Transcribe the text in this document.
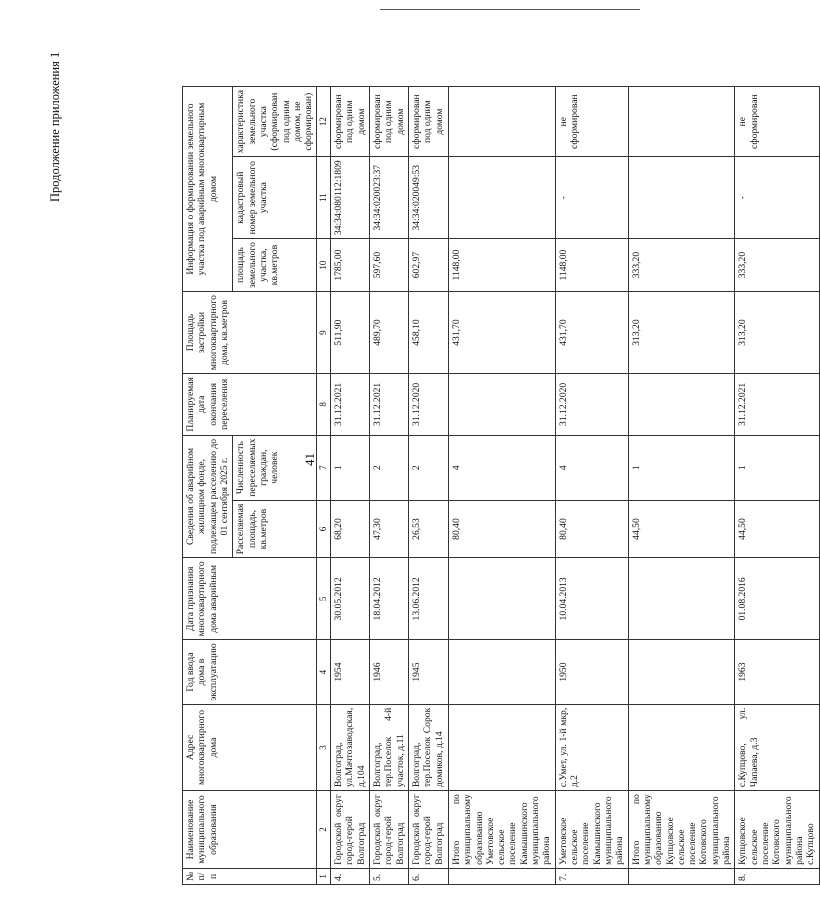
41
Продолжение приложения 1
№ п/п	Наименование муниципального образования	Адрес многоквартирного дома	Год ввода дома в эксплуатацию	Дата признания многоквартирного дома аварийным	Сведения об аварийном жилищном фонде, подлежащем расселению до 01 сентября 2025 г.		Планируемая дата окончания переселения	Площадь застройки многоквартирного дома, кв.метров	Информация о формировании земельного участка под аварийным многоквартирным домом		
					Расселяемая площадь, кв.метров	Численность переселяемых граждан, человек			площадь земельного участка, кв.метров	кадастровый номер земельного участка	характеристика земельного участка (сформирован под одним домом, не сформирован)
1	2	3	4	5	6	7	8	9	10	11	12
4.	Городской округ город-герой Волгоград	Волгоград, ул.Мачтозаводская, д.104	1954	30.05.2012	68,20	1	31.12.2021	511,90	1785,00	34:34:080112:1809	сформирован под одним домом
5.	Городской округ город-герой Волгоград	Волгоград, тер.Поселок 4-й участок, д.11	1946	18.04.2012	47,30	2	31.12.2021	489,70	597,60	34:34:020023:37	сформирован под одним домом
6.	Городской округ город-герой Волгоград	Волгоград, тер.Поселок Сорок домиков, д.14	1945	13.06.2012	26,53	2	31.12.2020	458,10	602,97	34:34:020049:53	сформирован под одним домом
	Итого по муниципальному образованию Уметовское сельское поселение Камышинского муниципального района				80,40	4		431,70	1148,00		
7.	Уметовское сельское поселение Камышинского муниципального района	с.Умет, ул. 1-й мкр, д.2	1950	10.04.2013	80,40	4	31.12.2020	431,70	1148,00	-	не сформирован
	Итого по муниципальному образованию Купцовское сельское поселение Котовского муниципального района				44,50	1		313,20	333,20		
8.	Купцовское сельское поселение Котовского муниципального района с.Купцово	с.Купцово, ул. Чапаева, д.3	1963	01.08.2016	44,50	1	31.12.2021	313,20	333,20	-	не сформирован
